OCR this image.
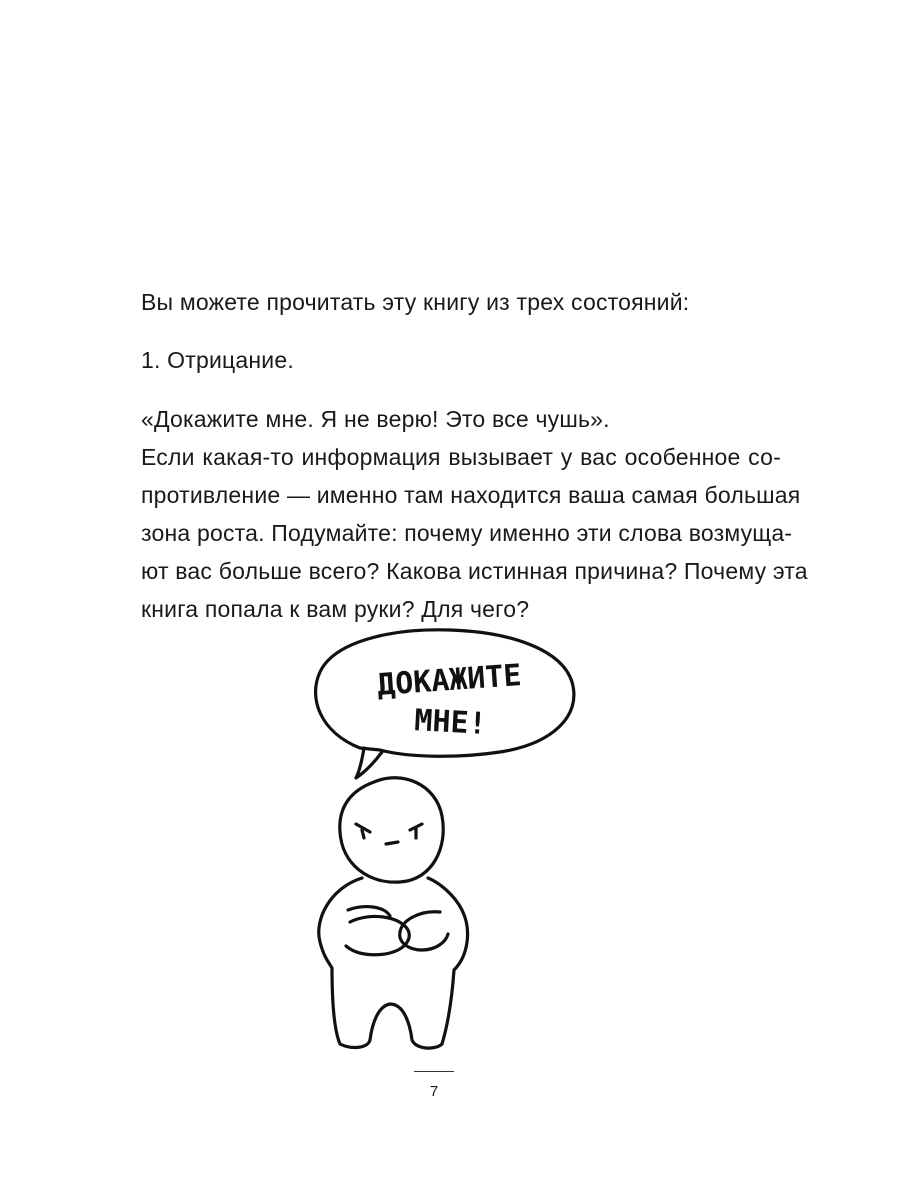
Вы можете прочитать эту книгу из трех состояний:

1. Отрицание.

«Докажите мне. Я не верю! Это все чушь».
Если какая-то информация вызывает у вас особенное со-
противление — именно там находится ваша самая большая
зона роста. Подумайте: почему именно эти слова возмуща-
ют вас больше всего? Какова истинная причина? Почему эта
книга попала к вам руки? Для чего?
ДОКАЖИТЕ
МНЕ!
7
